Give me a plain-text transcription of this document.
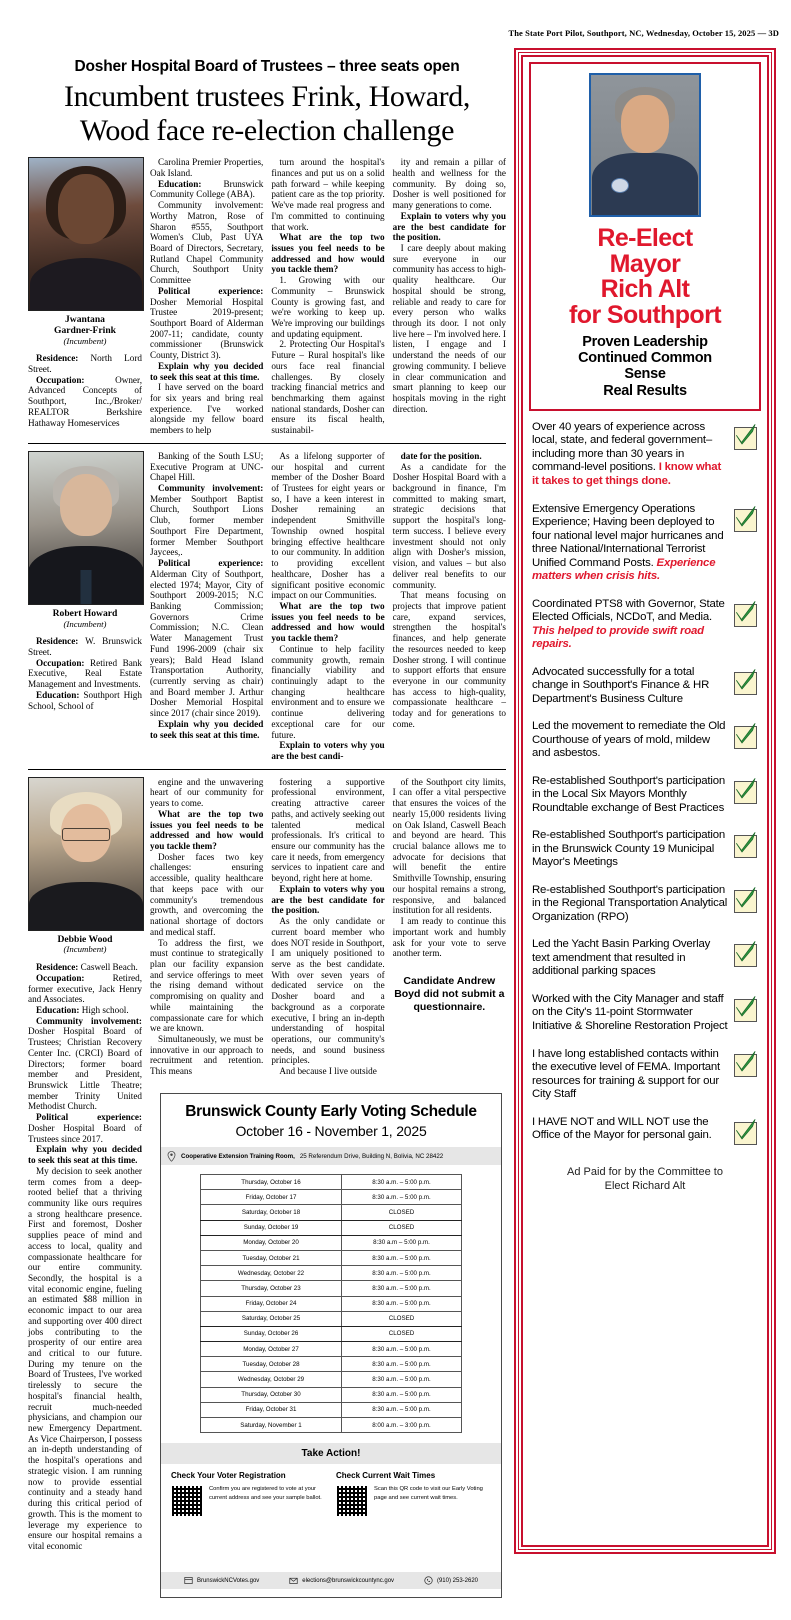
The State Port Pilot, Southport, NC, Wednesday, October 15, 2025 — 3D
Dosher Hospital Board of Trustees – three seats open
Incumbent trustees Frink, Howard,
Wood face re-election challenge
Jwantana
Gardner-Frink
(Incumbent)

Residence: North Lord Street.

Occupation: Owner, Advanced Concepts of Southport, Inc.,/Broker/ REALTOR Berkshire Hathaway Homeservices

Carolina Premier Properties, Oak Island.

Education: Brunswick Community College (ABA).

Community involvement: Worthy Matron, Rose of Sharon #555, Southport Women's Club, Past UYA Board of Directors, Secretary, Rutland Chapel Community Church, Southport Unity Committee

Political experience: Dosher Memorial Hospital Trustee 2019-present; Southport Board of Alderman 2007-11; candidate, county commissioner (Brunswick County, District 3).

Explain why you decided to seek this seat at this time.

I have served on the board for six years and bring real experience. I've worked alongside my fellow board members to help

turn around the hospital's finances and put us on a solid path forward – while keeping patient care as the top priority. We've made real progress and I'm committed to continuing that work.

What are the top two issues you feel needs to be addressed and how would you tackle them?

1. Growing with our Community – Brunswick County is growing fast, and we're working to keep up. We're improving our buildings and updating equipment.

2. Protecting Our Hospital's Future – Rural hospital's like ours face real financial challenges. By closely tracking financial metrics and benchmarking them against national standards, Dosher can ensure its fiscal health, sustainabil-

ity and remain a pillar of health and wellness for the community. By doing so, Dosher is well positioned for many generations to come.

Explain to voters why you are the best candidate for the position.

I care deeply about making sure everyone in our community has access to high-quality healthcare. Our hospital should be strong, reliable and ready to care for every person who walks through its door. I not only live here – I'm involved here. I listen, I engage and I understand the needs of our growing community. I believe in clear communication and smart planning to keep our hospitals moving in the right direction.

Robert Howard
(Incumbent)

Residence: W. Brunswick Street.

Occupation: Retired Bank Executive, Real Estate Management and Investments.

Education: Southport High School, School of

Banking of the South LSU; Executive Program at UNC-Chapel Hill.

Community involvement: Member Southport Baptist Church, Southport Lions Club, former member Southport Fire Department, former Member Southport Jaycees,.

Political experience: Alderman City of Southport, elected 1974; Mayor, City of Southport 2009-2015; N.C Banking Commission; Governors Crime Commission; N.C. Clean Water Management Trust Fund 1996-2009 (chair six years); Bald Head Island Transportation Authority, (currently serving as chair) and Board member J. Arthur Dosher Memorial Hospital since 2017 (chair since 2019).

Explain why you decided to seek this seat at this time.

As a lifelong supporter of our hospital and current member of the Dosher Board of Trustees for eight years or so, I have a keen interest in Dosher remaining an independent Smithville Township owned hospital bringing effective healthcare to our community. In addition to providing excellent healthcare, Dosher has a significant positive economic impact on our Communities.

What are the top two issues you feel needs to be addressed and how would you tackle them?

Continue to help facility community growth, remain financially viability and continuingly adapt to the changing healthcare environment and to ensure we continue delivering exceptional care for our future.

Explain to voters why you are the best candi-

date for the position.

As a candidate for the Dosher Hospital Board with a background in finance, I'm committed to making smart, strategic decisions that support the hospital's long-term success. I believe every investment should not only align with Dosher's mission, vision, and values – but also deliver real benefits to our community.

That means focusing on projects that improve patient care, expand services, strengthen the hospital's finances, and help generate the resources needed to keep Dosher strong. I will continue to support efforts that ensure everyone in our community has access to high-quality, compassionate healthcare – today and for generations to come.

Debbie Wood
(Incumbent)

Residence: Caswell Beach.

Occupation: Retired, former executive, Jack Henry and Associates.

Education: High school.

Community involvement: Dosher Hospital Board of Trustees; Christian Recovery Center Inc. (CRCI) Board of Directors; former board member and President, Brunswick Little Theatre; member Trinity United Methodist Church.

Political experience: Dosher Hospital Board of Trustees since 2017.

Explain why you decided to seek this seat at this time.

My decision to seek another term comes from a deep-rooted belief that a thriving community like ours requires a strong healthcare presence. First and foremost, Dosher supplies peace of mind and access to local, quality and compassionate healthcare for our entire community. Secondly, the hospital is a vital economic engine, fueling an estimated $88 million in economic impact to our area and supporting over 400 direct jobs contributing to the prosperity of our entire area and critical to our future. During my tenure on the Board of Trustees, I've worked tirelessly to secure the hospital's financial health, recruit much-needed physicians, and champion our new Emergency Department. As Vice Chairperson, I possess an in-depth understanding of the hospital's operations and strategic vision. I am running now to provide essential continuity and a steady hand during this critical period of growth. This is the moment to leverage my experience to ensure our hospital remains a vital economic

engine and the unwavering heart of our community for years to come.

What are the top two issues you feel needs to be addressed and how would you tackle them?

Dosher faces two key challenges: ensuring accessible, quality healthcare that keeps pace with our community's tremendous growth, and overcoming the national shortage of doctors and medical staff.

To address the first, we must continue to strategically plan our facility expansion and service offerings to meet the rising demand without compromising on quality and while maintaining the compassionate care for which we are known.

Simultaneously, we must be innovative in our approach to recruitment and retention. This means

fostering a supportive professional environment, creating attractive career paths, and actively seeking out talented medical professionals. It's critical to ensure our community has the care it needs, from emergency services to inpatient care and beyond, right here at home.

Explain to voters why you are the best candidate for the position.

As the only candidate or current board member who does NOT reside in Southport, I am uniquely positioned to serve as the best candidate. With over seven years of dedicated service on the Dosher board and a background as a corporate executive, I bring an in-depth understanding of hospital operations, our community's needs, and sound business principles.

And because I live outside

of the Southport city limits, I can offer a vital perspective that ensures the voices of the nearly 15,000 residents living on Oak Island, Caswell Beach and beyond are heard. This crucial balance allows me to advocate for decisions that will benefit the entire Smithville Township, ensuring our hospital remains a strong, responsive, and balanced institution for all residents.

I am ready to continue this important work and humbly ask for your vote to serve another term.

Candidate Andrew Boyd did not submit a questionnaire.
Brunswick County Early Voting Schedule
October 16 - November 1, 2025
Cooperative Extension Training Room, 25 Referendum Drive, Building N, Bolivia, NC 28422
Thursday, October 16	8:30 a.m. – 5:00 p.m.
Friday, October 17	8:30 a.m. – 5:00 p.m.
Saturday, October 18	CLOSED
Sunday, October 19	CLOSED
Monday, October 20	8:30 a.m – 5:00 p.m.
Tuesday, October 21	8:30 a.m. – 5:00 p.m.
Wednesday, October 22	8:30 a.m. – 5:00 p.m.
Thursday, October 23	8:30 a.m. – 5:00 p.m.
Friday, October 24	8:30 a.m. – 5:00 p.m.
Saturday, October 25	CLOSED
Sunday, October 26	CLOSED
Monday, October 27	8:30 a.m. – 5:00 p.m.
Tuesday, October 28	8:30 a.m. – 5:00 p.m.
Wednesday, October 29	8:30 a.m. – 5:00 p.m.
Thursday, October 30	8:30 a.m. – 5:00 p.m.
Friday, October 31	8:30 a.m. – 5:00 p.m.
Saturday, November 1	8:00 a.m. – 3:00 p.m.
Take Action!
Check Your Voter Registration
Confirm you are registered to vote at your current address and see your sample ballot.
Check Current Wait Times
Scan this QR code to visit our Early Voting page and see current wait times.
BrunswickNCVotes.gov	elections@brunswickcountync.gov	(910) 253-2620
Re-Elect
Mayor
Rich Alt
for Southport
Proven Leadership
Continued Common
Sense
Real Results
Over 40 years of experience across local, state, and federal government– including more than 30 years in command-level positions. I know what it takes to get things done.
Extensive Emergency Operations Experience; Having been deployed to four national level major hurricanes and three National/International Terrorist Unified Command Posts. Experience matters when crisis hits.
Coordinated PTS8 with Governor, State Elected Officials, NCDoT, and Media. This helped to provide swift road repairs.
Advocated successfully for a total change in Southport's Finance & HR Department's Business Culture
Led the movement to remediate the Old Courthouse of years of mold, mildew and asbestos.
Re-established Southport's participation in the Local Six Mayors Monthly Roundtable exchange of Best Practices
Re-established Southport's participation in the Brunswick County 19 Municipal Mayor's Meetings
Re-established Southport's participation in the Regional Transportation Analytical Organization (RPO)
Led the Yacht Basin Parking Overlay text amendment that resulted in additional parking spaces
Worked with the City Manager and staff on the City's 11-point Stormwater Initiative & Shoreline Restoration Project
I have long established contacts within the executive level of FEMA. Important resources for training & support for our City Staff
I HAVE NOT and WILL NOT use the Office of the Mayor for personal gain.
Ad Paid for by the Committee to
Elect Richard Alt
